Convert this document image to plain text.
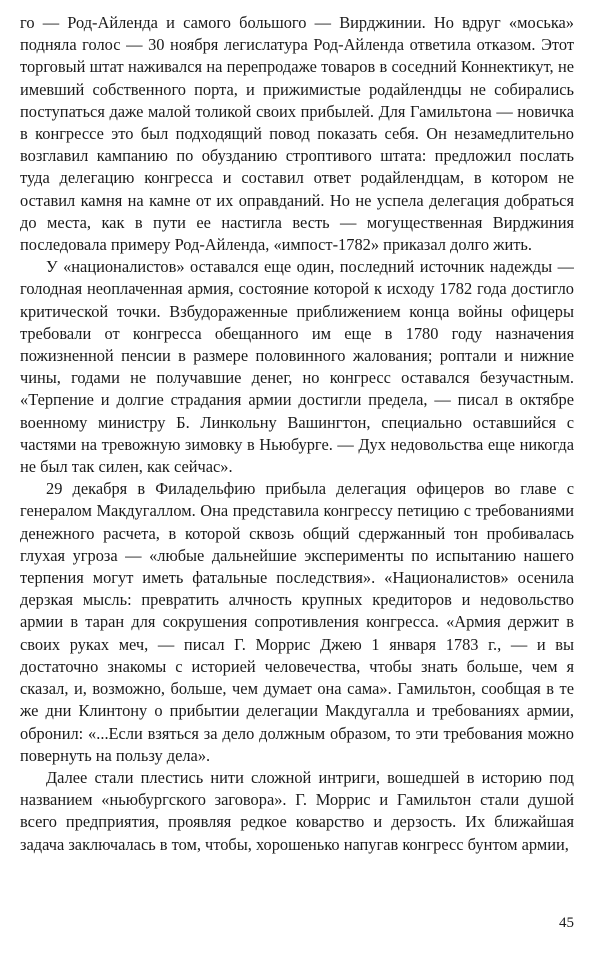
го — Род-Айленда и самого большого — Вирджинии. Но вдруг «моська» подняла голос — 30 ноября легислатура Род-Айленда ответила отказом. Этот торговый штат наживался на перепродаже товаров в соседний Коннектикут, не имевший собственного порта, и прижимистые родайлендцы не собирались поступаться даже малой толикой своих прибылей. Для Гамильтона — новичка в конгрессе это был подходящий повод показать себя. Он незамедлительно возглавил кампанию по обузданию строптивого штата: предложил послать туда делегацию конгресса и составил ответ родайлендцам, в котором не оставил камня на камне от их оправданий. Но не успела делегация добраться до места, как в пути ее настигла весть — могущественная Вирджиния последовала примеру Род-Айленда, «импост-1782» приказал долго жить.

У «националистов» оставался еще один, последний источник надежды — голодная неоплаченная армия, состояние которой к исходу 1782 года достигло критической точки. Взбудораженные приближением конца войны офицеры требовали от конгресса обещанного им еще в 1780 году назначения пожизненной пенсии в размере половинного жалования; роптали и нижние чины, годами не получавшие денег, но конгресс оставался безучастным. «Терпение и долгие страдания армии достигли предела, — писал в октябре военному министру Б. Линкольну Вашингтон, специально оставшийся с частями на тревожную зимовку в Ньюбурге. — Дух недовольства еще никогда не был так силен, как сейчас».

29 декабря в Филадельфию прибыла делегация офицеров во главе с генералом Макдугаллом. Она представила конгрессу петицию с требованиями денежного расчета, в которой сквозь общий сдержанный тон пробивалась глухая угроза — «любые дальнейшие эксперименты по испытанию нашего терпения могут иметь фатальные последствия». «Националистов» осенила дерзкая мысль: превратить алчность крупных кредиторов и недовольство армии в таран для сокрушения сопротивления конгресса. «Армия держит в своих руках меч, — писал Г. Моррис Джею 1 января 1783 г., — и вы достаточно знакомы с историей человечества, чтобы знать больше, чем я сказал, и, возможно, больше, чем думает она сама». Гамильтон, сообщая в те же дни Клинтону о прибытии делегации Макдугалла и требованиях армии, обронил: «...Если взяться за дело должным образом, то эти требования можно повернуть на пользу дела».

Далее стали плестись нити сложной интриги, вошедшей в историю под названием «ньюбургского заговора». Г. Моррис и Гамильтон стали душой всего предприятия, проявляя редкое коварство и дерзость. Их ближайшая задача заключалась в том, чтобы, хорошенько напугав конгресс бунтом армии,

45
